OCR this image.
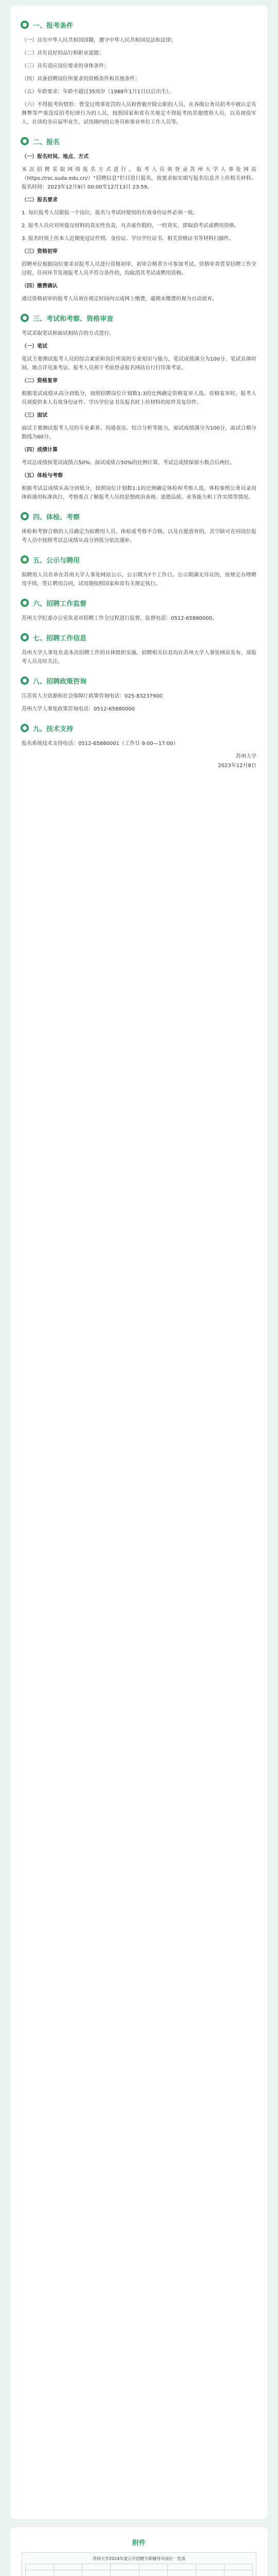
一、报考条件

（一）具有中华人民共和国国籍，遵守中华人民共和国宪法和法律；

（二）具有良好的品行和职业道德；

（三）具有适应岗位要求的身体条件；

（四）具备招聘岗位所要求的资格条件和其他条件；

（五）年龄要求：年龄不超过35周岁（1988年1月1日以后出生）。

（六）不得报考的情形：曾受过刑事处罚的人员和曾被开除公职的人员，在各级公务员招考中被认定有舞弊等严重违反招考纪律行为的人员，按照国家和省有关规定不得报考的其他情形人员，以及现役军人、在读的非应届毕业生、试用期内的公务员和事业单位工作人员等。

二、报名

（一）报名时间、地点、方式

本次招聘采取网络报名方式进行。报考人员须登录苏州大学人事处网站（https://rsc.suda.edu.cn/）“招聘信息”栏目进行报名，按要求如实填写报名信息并上传相关材料。报名时间：2023年12月9日 00:00至12月13日 23:59。

（二）报名要求

1. 每位报考人员限报一个岗位，报名与考试时使用的有效身份证件必须一致。

2. 报考人员应对所提交材料的真实性负责，凡弄虚作假的，一经查实，即取消考试或聘用资格。

3. 报名时须上传本人近期免冠证件照、身份证、学历学位证书、相关资格证书等材料扫描件。

（三）资格初审

招聘单位根据岗位要求对报考人员进行资格初审，初审合格者方可参加考试。资格审查贯穿招聘工作全过程，任何环节发现报考人员不符合条件的，均取消其考试或聘用资格。

（四）缴费确认

通过资格初审的报考人员须在规定时间内完成网上缴费，逾期未缴费的视为自动放弃。

三、考试和考察、资格审查

考试采取笔试和面试相结合的方式进行。

（一）笔试

笔试主要测试报考人员的综合素质和岗位所需的专业知识与能力，笔试成绩满分为100分。笔试具体时间、地点详见准考证。报考人员须于考前登录报名网站自行打印准考证。

（二）资格复审

根据笔试成绩从高分到低分，按照招聘岗位计划数1:3的比例确定资格复审人选。资格复审时，报考人员须提供本人有效身份证件、学历学位证书及报名时上传材料的原件及复印件。

（三）面试

面试主要测试报考人员的专业素养、沟通表达、综合分析等能力，面试成绩满分为100分，面试合格分数线为60分。

（四）成绩计算

考试总成绩按笔试成绩占50%、面试成绩占50%的比例计算，考试总成绩保留小数点后两位。

（五）体检与考察

根据考试总成绩从高分到低分，按照岗位计划数1:1的比例确定体检和考察人选。体检参照公务员录用体检通用标准执行，考察重点了解报考人员的思想政治表现、道德品质、业务能力和工作实绩等情况。

四、体检、考察

体检和考察合格的人员确定为拟聘用人员。体检或考察不合格、以及自愿放弃的，其空缺可在同岗位报考人员中按照考试总成绩从高分到低分依次递补。

五、公示与聘用

拟聘用人员名单在苏州大学人事处网站公示，公示期为7个工作日。公示期满无异议的，按规定办理聘用手续，签订聘用合同，试用期按照国家和省有关规定执行。

六、招聘工作监督

苏州大学纪委办公室负责对招聘工作全过程进行监督，监督电话：0512-65880000。

七、招聘工作信息

苏州大学人事处负责本次招聘工作的具体组织实施，招聘相关信息均在苏州大学人事处网站发布，请报考人员及时关注。

八、招聘政策咨询

江苏省人力资源和社会保障厅政策咨询电话：025-83237900

苏州大学人事处政策咨询电话：0512-65880000

九、技术支持

报名系统技术支持电话：0512-65880001（工作日 9:00—17:00）

苏州大学
2023年12月8日
附件
苏州大学2024年度公开招聘专职辅导员岗位一览表
